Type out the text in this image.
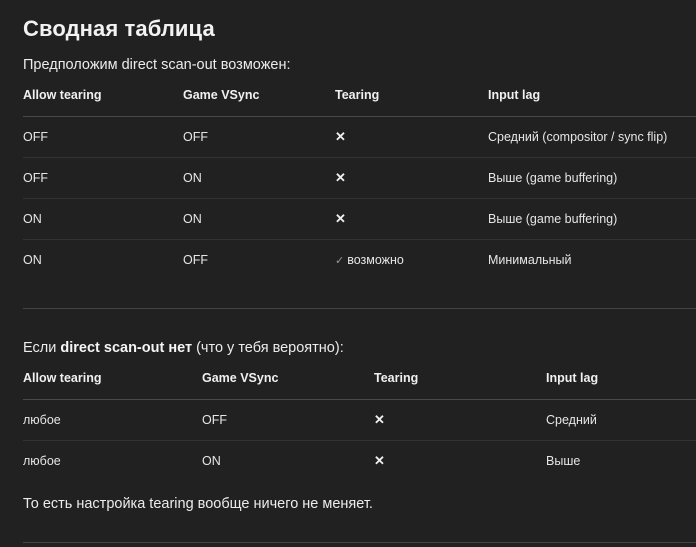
Сводная таблица
Предположим direct scan-out возможен:
Allow tearing	Game VSync	Tearing	Input lag
OFF	OFF	✕	Средний (compositor / sync flip)
OFF	ON	✕	Выше (game buffering)
ON	ON	✕	Выше (game buffering)
ON	OFF	✓ возможно	Минимальный
Если direct scan-out нет (что у тебя вероятно):
Allow tearing	Game VSync	Tearing	Input lag
любое	OFF	✕	Средний
любое	ON	✕	Выше
То есть настройка tearing вообще ничего не меняет.
